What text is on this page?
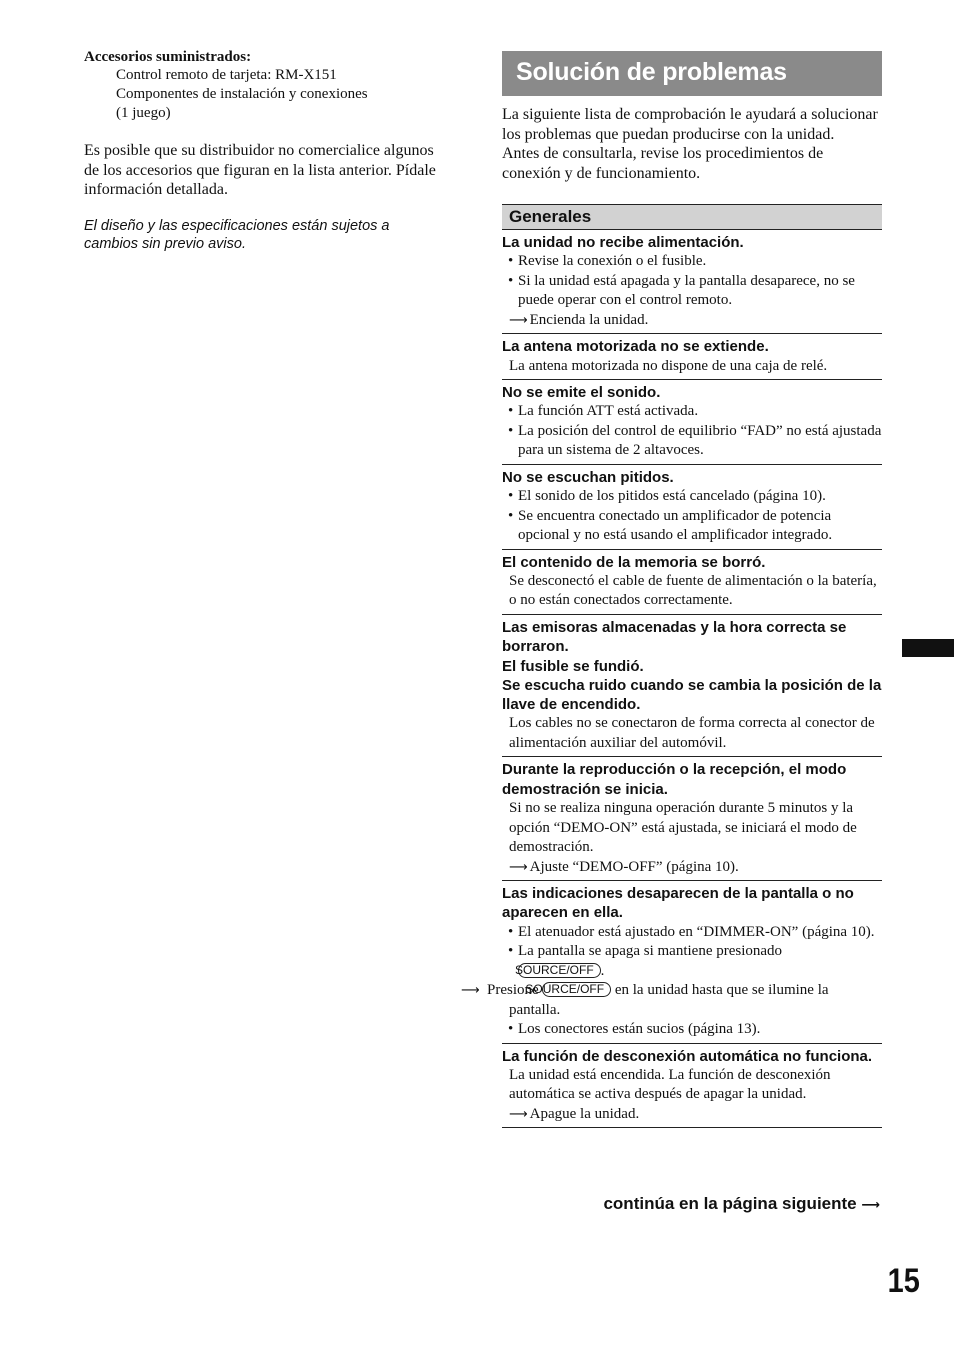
Accesorios suministrados:
Control remoto de tarjeta: RM-X151
Componentes de instalación y conexiones
(1 juego)
Es posible que su distribuidor no comercialice algunos de los accesorios que figuran en la lista anterior. Pídale información detallada.
El diseño y las especificaciones están sujetos a cambios sin previo aviso.
Solución de problemas
La siguiente lista de comprobación le ayudará a solucionar los problemas que puedan producirse con la unidad.
Antes de consultarla, revise los procedimientos de conexión y de funcionamiento.
Generales
La unidad no recibe alimentación.
• Revise la conexión o el fusible.
• Si la unidad está apagada y la pantalla desaparece, no se puede operar con el control remoto.
⟶ Encienda la unidad.
La antena motorizada no se extiende.
La antena motorizada no dispone de una caja de relé.
No se emite el sonido.
• La función ATT está activada.
• La posición del control de equilibrio “FAD” no está ajustada para un sistema de 2 altavoces.
No se escuchan pitidos.
• El sonido de los pitidos está cancelado (página 10).
• Se encuentra conectado un amplificador de potencia opcional y no está usando el amplificador integrado.
El contenido de la memoria se borró.
Se desconectó el cable de fuente de alimentación o la batería, o no están conectados correctamente.
Las emisoras almacenadas y la hora correcta se borraron.
El fusible se fundió.
Se escucha ruido cuando se cambia la posición de la llave de encendido.
Los cables no se conectaron de forma correcta al conector de alimentación auxiliar del automóvil.
Durante la reproducción o la recepción, el modo demostración se inicia.
Si no se realiza ninguna operación durante 5 minutos y la opción “DEMO-ON” está ajustada, se iniciará el modo de demostración.
⟶ Ajuste “DEMO-OFF” (página 10).
Las indicaciones desaparecen de la pantalla o no aparecen en ella.
• El atenuador está ajustado en “DIMMER-ON” (página 10).
• La pantalla se apaga si mantiene presionado
SOURCE/OFF .
⟶ Presione SOURCE/OFF en la unidad hasta que se ilumine la pantalla.
• Los conectores están sucios (página 13).
La función de desconexión automática no funciona.
La unidad está encendida. La función de desconexión automática se activa después de apagar la unidad.
⟶ Apague la unidad.
continúa en la página siguiente ⟶
15
